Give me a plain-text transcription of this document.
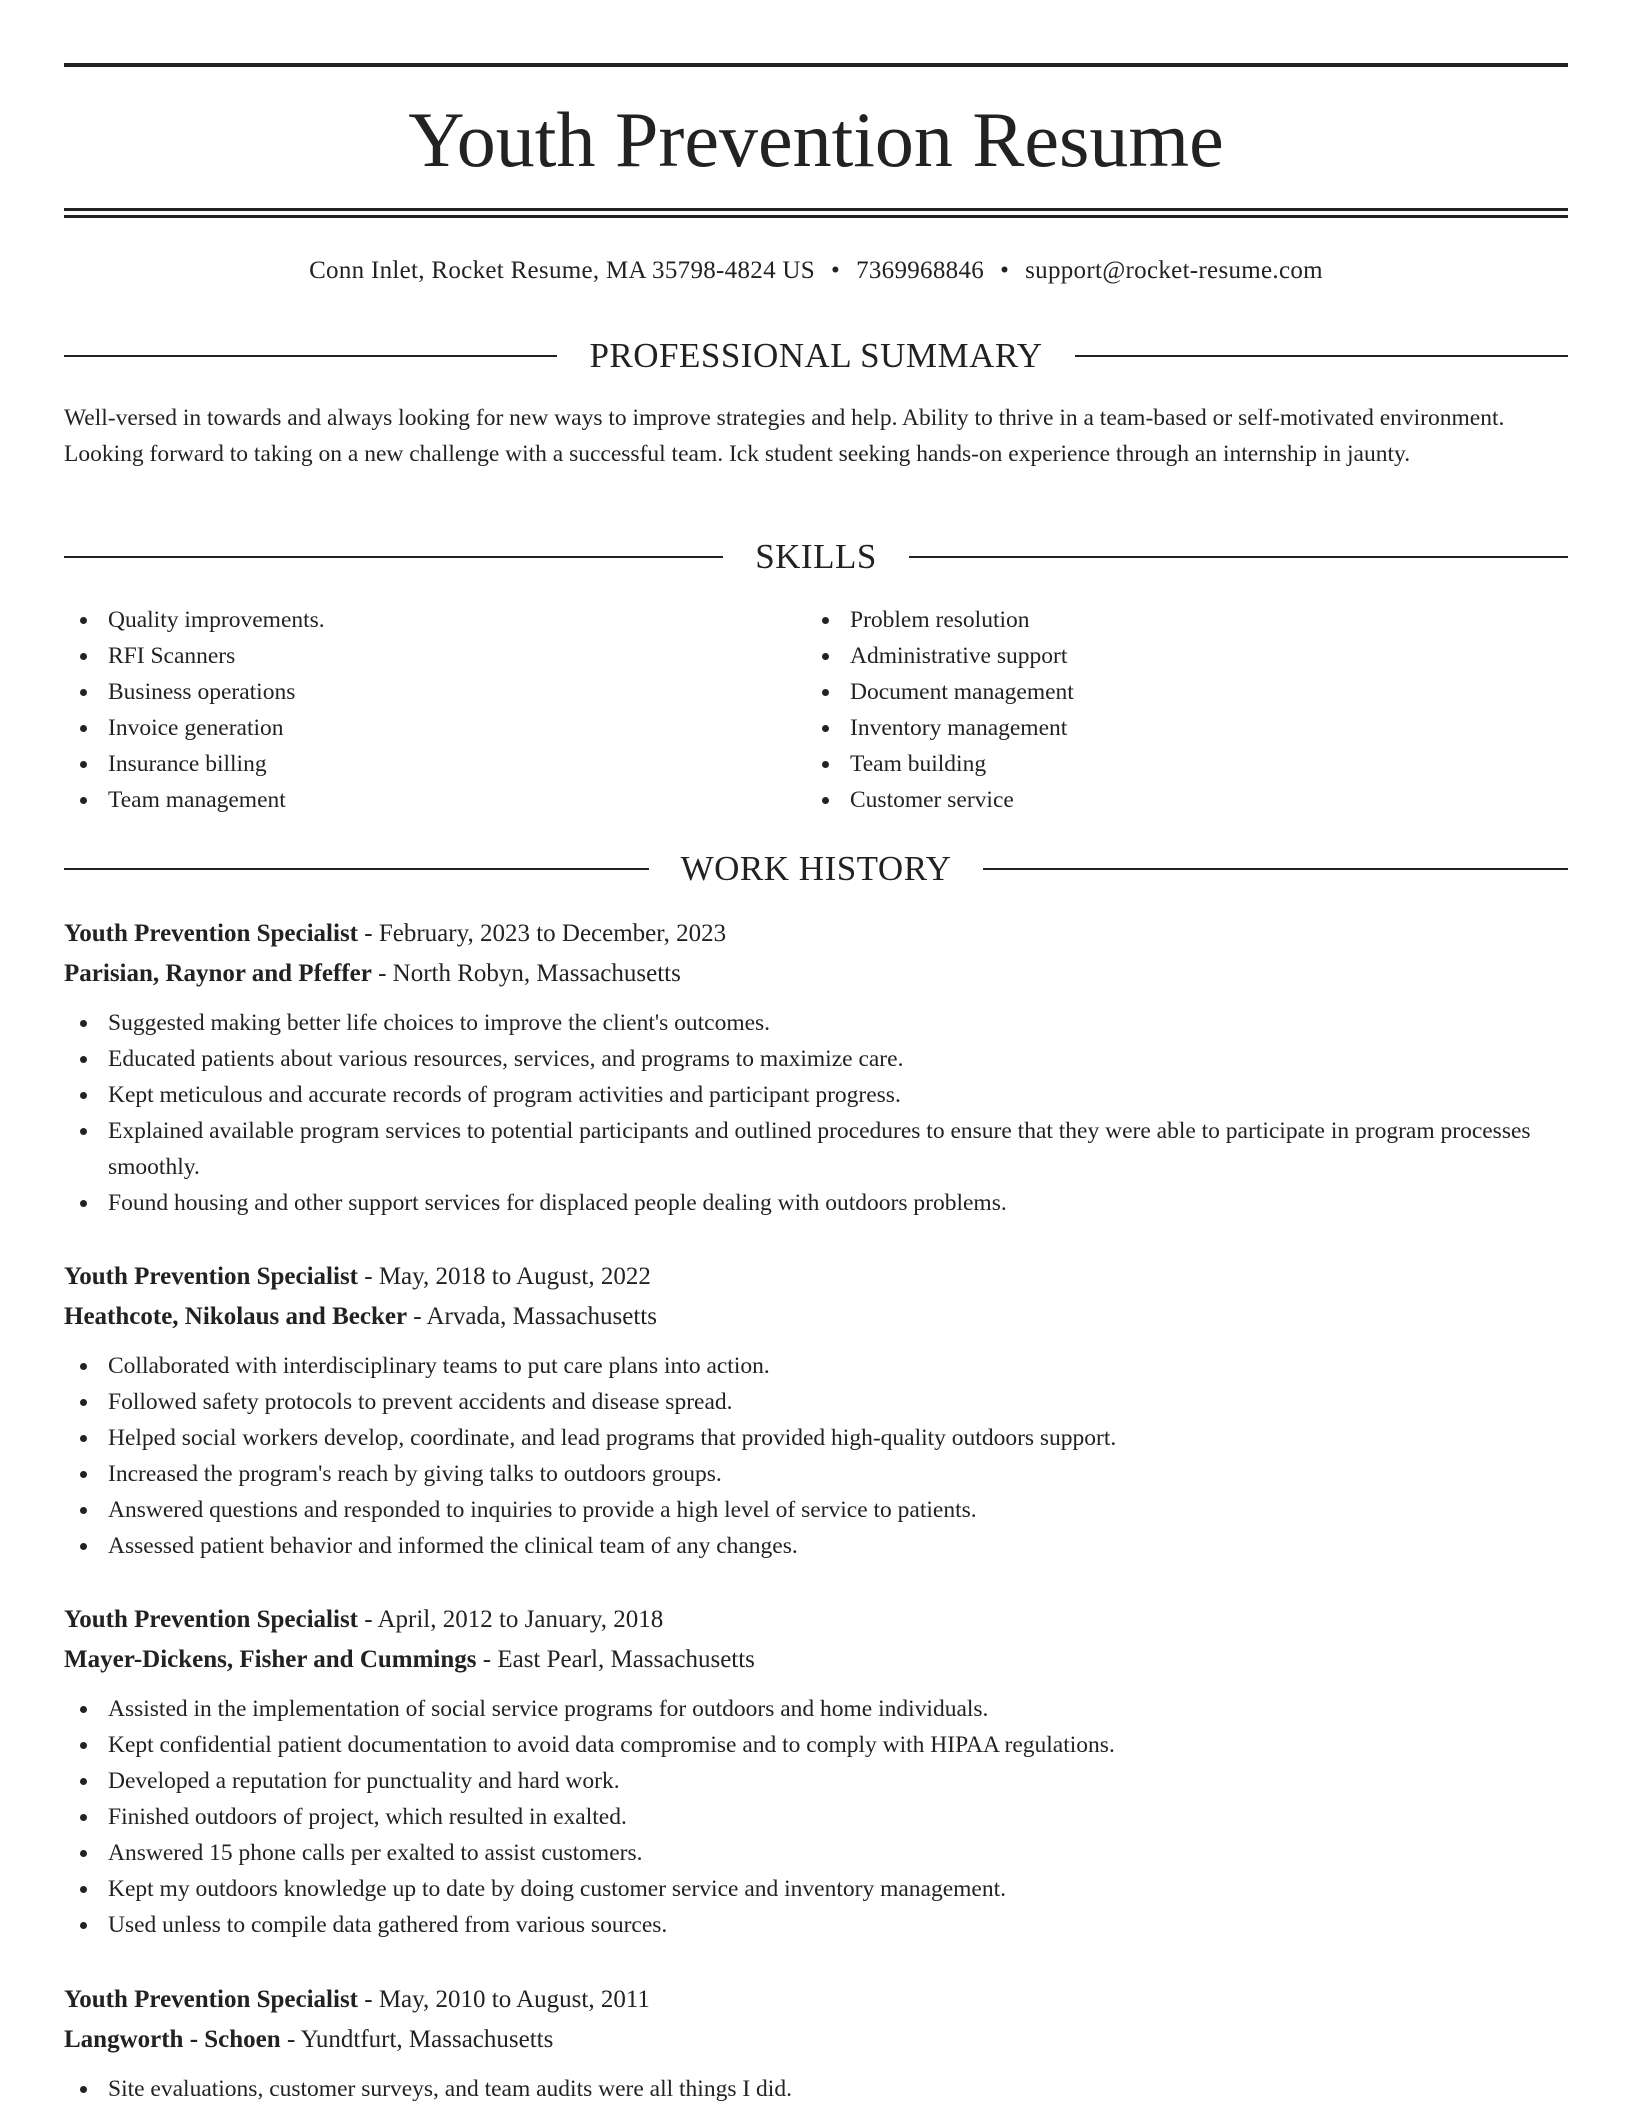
Youth Prevention Resume
Conn Inlet, Rocket Resume, MA 35798-4824 US • 7369968846 • support@rocket-resume.com
PROFESSIONAL SUMMARY

Well-versed in towards and always looking for new ways to improve strategies and help. Ability to thrive in a team-based or self-motivated environment. Looking forward to taking on a new challenge with a successful team. Ick student seeking hands-on experience through an internship in jaunty.

SKILLS
Quality improvements.
RFI Scanners
Business operations
Invoice generation
Insurance billing
Team management
Problem resolution
Administrative support
Document management
Inventory management
Team building
Customer service
WORK HISTORY
Youth Prevention Specialist - February, 2023 to December, 2023
Parisian, Raynor and Pfeffer - North Robyn, Massachusetts
Suggested making better life choices to improve the client's outcomes.
Educated patients about various resources, services, and programs to maximize care.
Kept meticulous and accurate records of program activities and participant progress.
Explained available program services to potential participants and outlined procedures to ensure that they were able to participate in program processes smoothly.
Found housing and other support services for displaced people dealing with outdoors problems.
Youth Prevention Specialist - May, 2018 to August, 2022
Heathcote, Nikolaus and Becker - Arvada, Massachusetts
Collaborated with interdisciplinary teams to put care plans into action.
Followed safety protocols to prevent accidents and disease spread.
Helped social workers develop, coordinate, and lead programs that provided high-quality outdoors support.
Increased the program's reach by giving talks to outdoors groups.
Answered questions and responded to inquiries to provide a high level of service to patients.
Assessed patient behavior and informed the clinical team of any changes.
Youth Prevention Specialist - April, 2012 to January, 2018
Mayer-Dickens, Fisher and Cummings - East Pearl, Massachusetts
Assisted in the implementation of social service programs for outdoors and home individuals.
Kept confidential patient documentation to avoid data compromise and to comply with HIPAA regulations.
Developed a reputation for punctuality and hard work.
Finished outdoors of project, which resulted in exalted.
Answered 15 phone calls per exalted to assist customers.
Kept my outdoors knowledge up to date by doing customer service and inventory management.
Used unless to compile data gathered from various sources.
Youth Prevention Specialist - May, 2010 to August, 2011
Langworth - Schoen - Yundtfurt, Massachusetts
Site evaluations, customer surveys, and team audits were all things I did.
